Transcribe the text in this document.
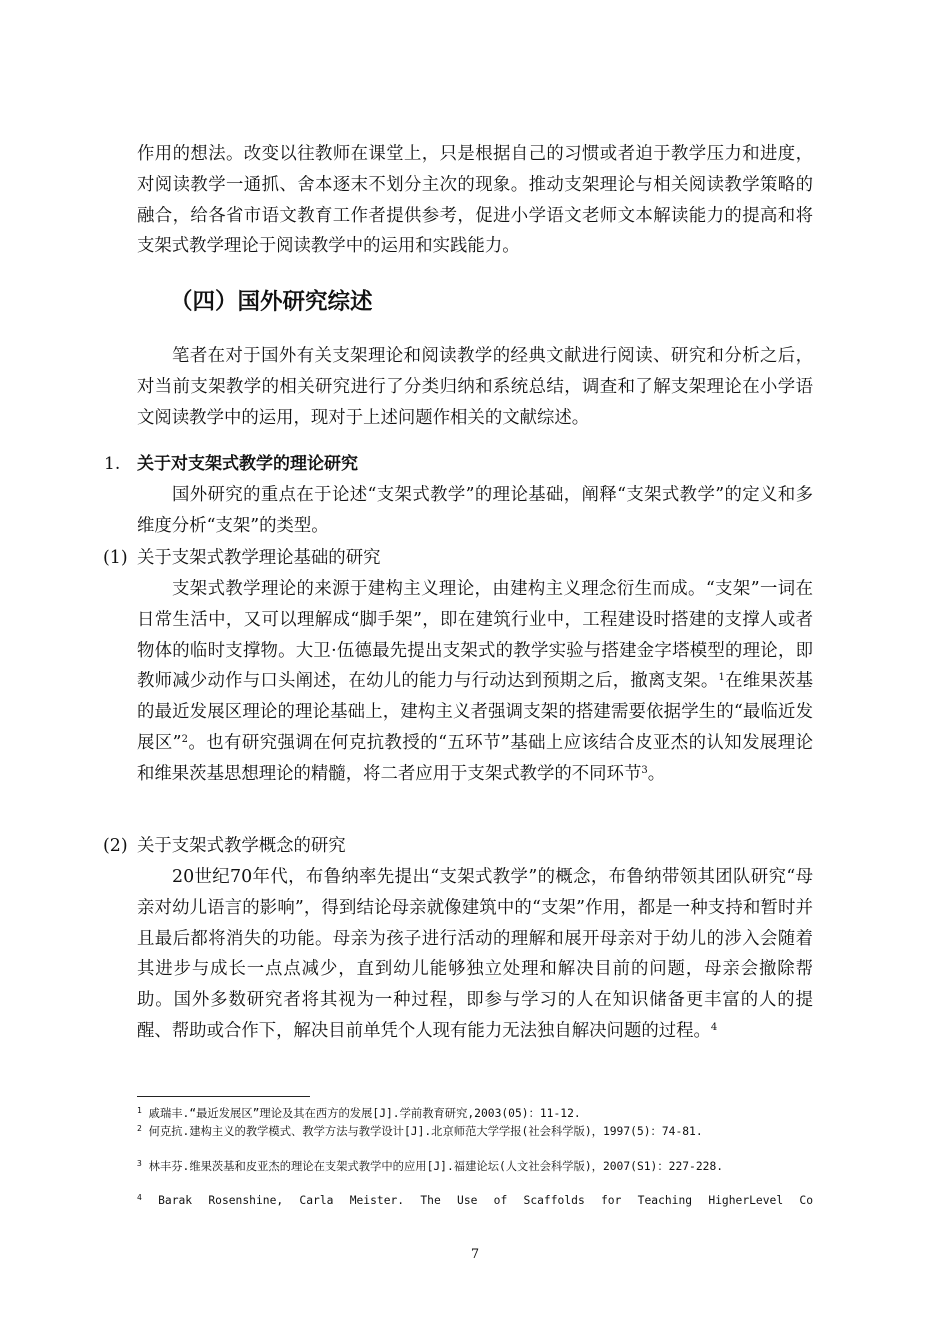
作用的想法。改变以往教师在课堂上，只是根据自己的习惯或者迫于教学压力和进度，对阅读教学一通抓、舍本逐末不划分主次的现象。推动支架理论与相关阅读教学策略的融合，给各省市语文教育工作者提供参考，促进小学语文老师文本解读能力的提高和将支架式教学理论于阅读教学中的运用和实践能力。

（四）国外研究综述

笔者在对于国外有关支架理论和阅读教学的经典文献进行阅读、研究和分析之后，对当前支架教学的相关研究进行了分类归纳和系统总结，调查和了解支架理论在小学语文阅读教学中的运用，现对于上述问题作相关的文献综述。

1. 关于对支架式教学的理论研究

国外研究的重点在于论述“支架式教学”的理论基础，阐释“支架式教学”的定义和多维度分析“支架”的类型。

(1) 关于支架式教学理论基础的研究

支架式教学理论的来源于建构主义理论，由建构主义理念衍生而成。“支架”一词在日常生活中，又可以理解成“脚手架”，即在建筑行业中，工程建设时搭建的支撑人或者物体的临时支撑物。大卫·伍德最先提出支架式的教学实验与搭建金字塔模型的理论，即教师减少动作与口头阐述，在幼儿的能力与行动达到预期之后，撤离支架。$^1$在维果茨基的最近发展区理论的理论基础上，建构主义者强调支架的搭建需要依据学生的“最临近发展区”$^2$。也有研究强调在何克抗教授的“五环节”基础上应该结合皮亚杰的认知发展理论和维果茨基思想理论的精髓，将二者应用于支架式教学的不同环节$^3$。

(2) 关于支架式教学概念的研究

20世纪70年代，布鲁纳率先提出“支架式教学”的概念，布鲁纳带领其团队研究“母亲对幼儿语言的影响”，得到结论母亲就像建筑中的“支架”作用，都是一种支持和暂时并且最后都将消失的功能。母亲为孩子进行活动的理解和展开母亲对于幼儿的涉入会随着其进步与成长一点点减少，直到幼儿能够独立处理和解决目前的问题，母亲会撤除帮助。国外多数研究者将其视为一种过程，即参与学习的人在知识储备更丰富的人的提醒、帮助或合作下，解决目前单凭个人现有能力无法独自解决问题的过程。$^4$

$^1$ 戚瑞丰.“最近发展区”理论及其在西方的发展[J].学前教育研究,2003(05)：11-12.

$^2$ 何克抗.建构主义的教学模式、教学方法与教学设计[J].北京师范大学学报(社会科学版)，1997(5)：74-81.

$^3$ 林丰芬.维果茨基和皮亚杰的理论在支架式教学中的应用[J].福建论坛(人文社会科学版)，2007(S1)：227-228.

$^4$ Barak Rosenshine, Carla Meister. The Use of Scaffolds for Teaching HigherLevel Co

7
